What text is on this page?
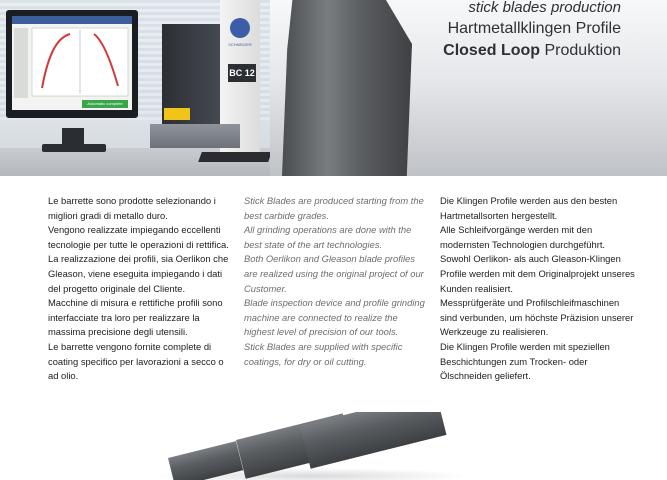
Automatic complete
SCHNEIDER
BC 12
stick blades production
Hartmetallklingen Profile
Closed Loop Produktion

Le barrette sono prodotte selezionando i migliori gradi di metallo duro.

Vengono realizzate impiegando eccellenti tecnologie per tutte le operazioni di rettifica.

La realizzazione dei profili, sia Oerlikon che Gleason, viene eseguita impiegando i dati del progetto originale del Cliente.

Macchine di misura e rettifiche profili sono interfacciate tra loro per realizzare la massima precisione degli utensili.

Le barrette vengono fornite complete di coating specifico per lavorazioni a secco o ad olio.

Stick Blades are produced starting from the best carbide grades.

All grinding operations are done with the best state of the art technologies.

Both Oerlikon and Gleason blade profiles are realized using the original project of our Customer.

Blade inspection device and profile grinding machine are connected to realize the highest level of precision of our tools.

Stick Blades are supplied with specific coatings, for dry or oil cutting.

Die Klingen Profile werden aus den besten Hartmetallsorten hergestellt.

Alle Schleifvorgänge werden mit den modernsten Technologien durchgeführt.

Sowohl Oerlikon- als auch Gleason-Klingen Profile werden mit dem Originalprojekt unseres Kunden realisiert.

Messprüfgeräte und Profilschleifmaschinen sind verbunden, um höchste Präzision unserer Werkzeuge zu realisieren.

Die Klingen Profile werden mit speziellen Beschichtungen zum Trocken- oder Ölschneiden geliefert.
